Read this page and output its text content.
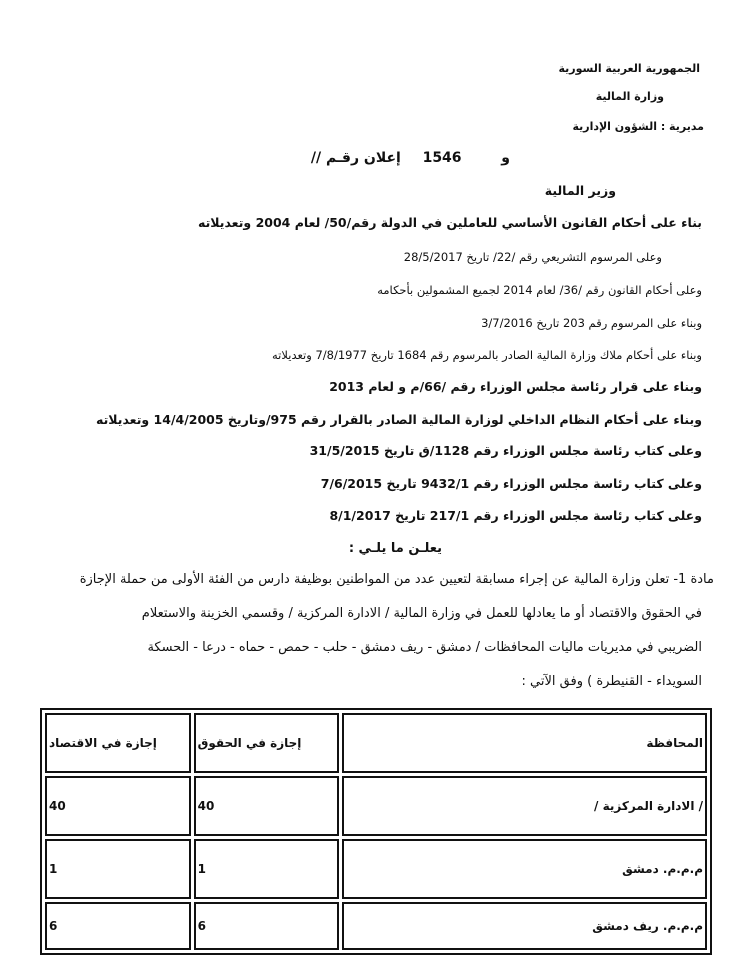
الجمهورية العربية السورية
وزارة المالية
مديرية : الشؤون الإدارية
/و  1546  إعلان رقـم /
وزير المالية
بناء على أحكام القانون الأساسي للعاملين في الدولة رقم/50/ لعام 2004 وتعديلاته
وعلى المرسوم التشريعي رقم /22/ تاريخ 28/5/2017
وعلى أحكام القانون رقم /36/ لعام 2014 لجميع المشمولين بأحكامه
وبناء على المرسوم رقم 203 تاريخ 3/7/2016
وبناء على أحكام ملاك وزارة المالية الصادر بالمرسوم رقم 1684 تاريخ 7/8/1977 وتعديلاته
وبناء على قرار رئاسة مجلس الوزراء رقم /66/م و لعام 2013
وبناء على أحكام النظام الداخلي لوزارة المالية الصادر بالقرار رقم 975/وتاريخ 14/4/2005 وتعديلاته
وعلى كتاب رئاسة مجلس الوزراء رقم 1128/ق تاريخ 31/5/2015
وعلى كتاب رئاسة مجلس الوزراء رقم 9432/1 تاريخ 7/6/2015
وعلى كتاب رئاسة مجلس الوزراء رقم 217/1 تاريخ 8/1/2017
يعلـن ما يلـي :
مادة 1- تعلن وزارة المالية عن إجراء مسابقة لتعيين عدد من المواطنين بوظيفة دارس من الفئة الأولى من حملة الإجازة
في الحقوق والاقتصاد أو ما يعادلها للعمل في وزارة المالية / الادارة المركزية / وقسمي الخزينة والاستعلام
الضريبي في مديريات ماليات المحافظات / دمشق - ريف دمشق - حلب - حمص - حماه - درعا - الحسكة
السويداء - القنيطرة ) وفق الآتي :
المحافظة	إجازة في الحقوق	إجازة في الاقتصاد
/ الادارة المركزية /	40	40
م.م.م. دمشق	1	1
م.م.م. ريف دمشق	6	6
